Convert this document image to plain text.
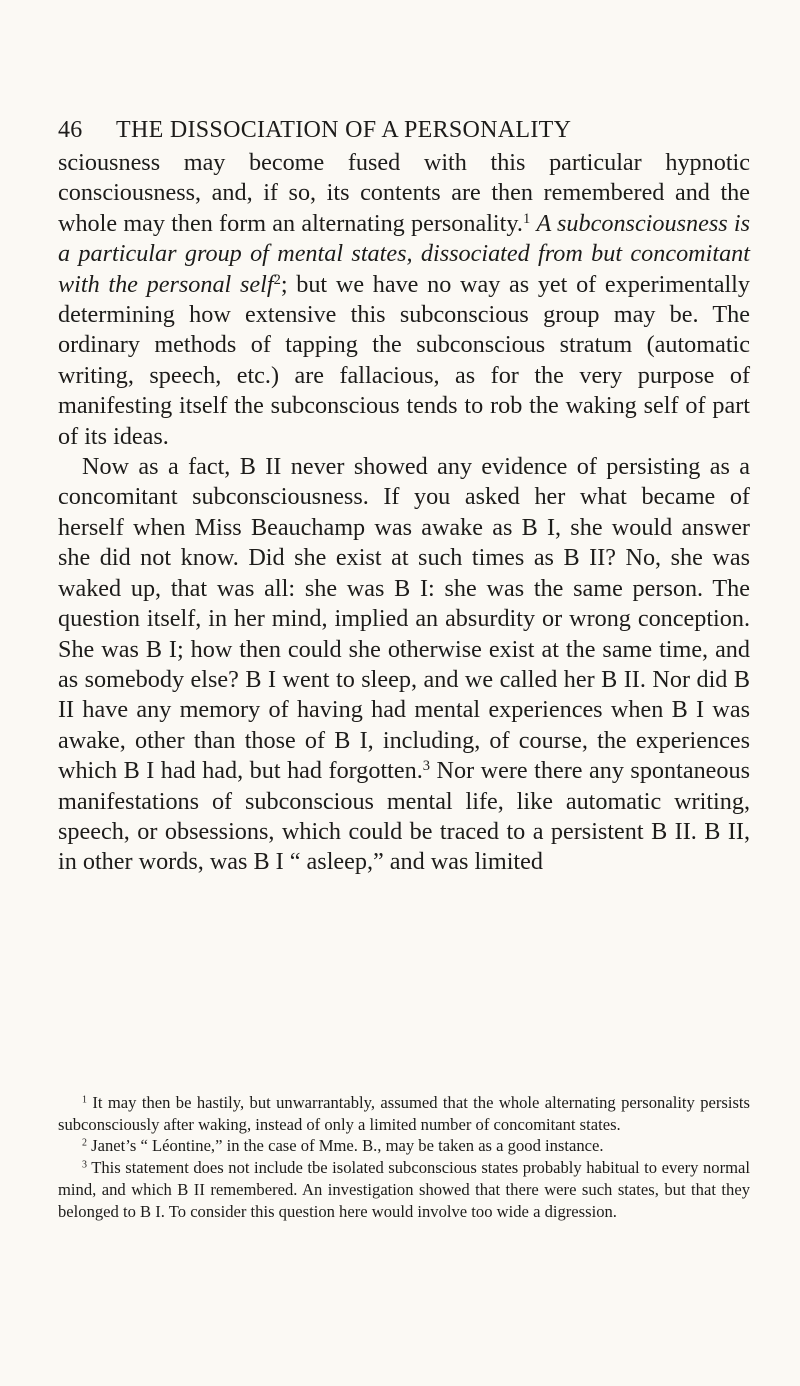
46 THE DISSOCIATION OF A PERSONALITY

sciousness may become fused with this particular hypnotic consciousness, and, if so, its contents are then remembered and the whole may then form an alternating personality.$^1$ A subconsciousness is a particular group of mental states, dissociated from but concomitant with the personal self$^2$; but we have no way as yet of experimentally determining how extensive this subconscious group may be. The ordinary methods of tapping the subconscious stratum (automatic writing, speech, etc.) are fallacious, as for the very purpose of manifesting itself the subconscious tends to rob the waking self of part of its ideas.

Now as a fact, B II never showed any evidence of persisting as a concomitant subconsciousness. If you asked her what became of herself when Miss Beauchamp was awake as B I, she would answer she did not know. Did she exist at such times as B II? No, she was waked up, that was all: she was B I: she was the same person. The question itself, in her mind, implied an absurdity or wrong conception. She was B I; how then could she otherwise exist at the same time, and as somebody else? B I went to sleep, and we called her B II. Nor did B II have any memory of having had mental experiences when B I was awake, other than those of B I, including, of course, the experiences which B I had had, but had forgotten.$^3$ Nor were there any spontaneous manifestations of subconscious mental life, like automatic writing, speech, or obsessions, which could be traced to a persistent B II. B II, in other words, was B I “ asleep,” and was limited

$^1$ It may then be hastily, but unwarrantably, assumed that the whole alternating personality persists subconsciously after waking, instead of only a limited number of concomitant states.

$^2$ Janet’s “ Léontine,” in the case of Mme. B., may be taken as a good instance.

$^3$ This statement does not include tbe isolated subconscious states probably habitual to every normal mind, and which B II remembered. An investigation showed that there were such states, but that they belonged to B I. To consider this question here would involve too wide a digression.
